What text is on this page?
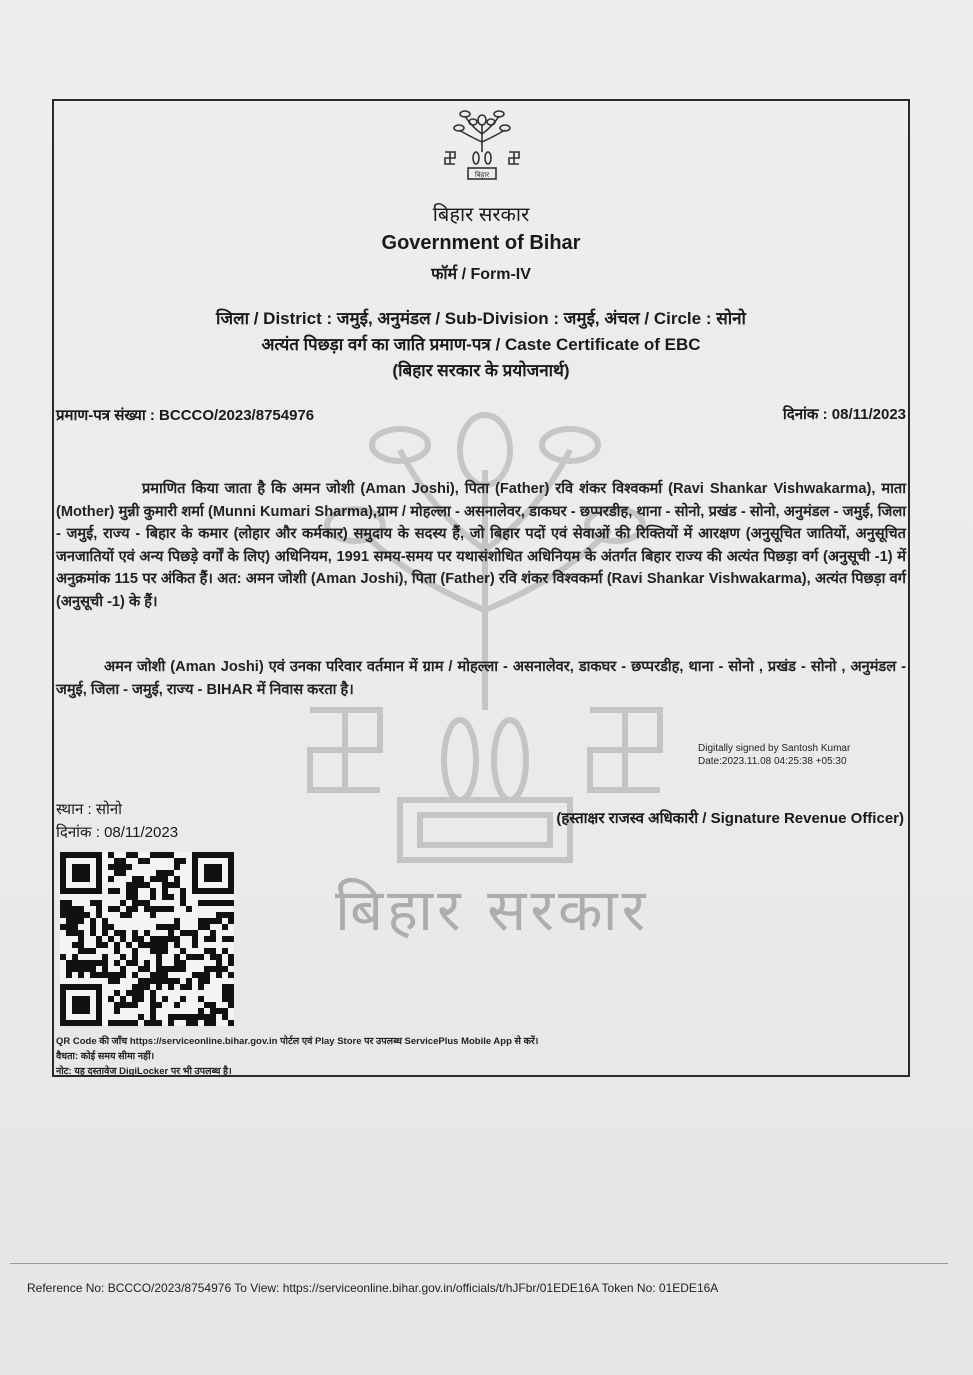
बिहार
बिहार सरकार
बिहार सरकार
Government of Bihar
फॉर्म / Form-IV
जिला / District : जमुई, अनुमंडल / Sub-Division : जमुई, अंचल / Circle : सोनो
अत्यंत पिछड़ा वर्ग का जाति प्रमाण-पत्र / Caste Certificate of EBC
(बिहार सरकार के प्रयोजनार्थ)
प्रमाण-पत्र संख्या : BCCCO/2023/8754976	दिनांक : 08/11/2023
प्रमाणित किया जाता है कि अमन जोशी (Aman Joshi), पिता (Father) रवि शंकर विश्वकर्मा (Ravi Shankar Vishwakarma), माता (Mother) मुन्नी कुमारी शर्मा (Munni Kumari Sharma),ग्राम / मोहल्ला - असनालेवर, डाकघर - छप्परडीह, थाना - सोनो, प्रखंड - सोनो, अनुमंडल - जमुई, जिला - जमुई, राज्य - बिहार के कमार (लोहार और कर्मकार) समुदाय के सदस्य हैं, जो बिहार पदों एवं सेवाओं की रिक्तियों में आरक्षण (अनुसूचित जातियों, अनुसूचित जनजातियों एवं अन्य पिछड़े वर्गों के लिए) अधिनियम, 1991 समय-समय पर यथासंशोधित अधिनियम के अंतर्गत बिहार राज्य की अत्यंत पिछड़ा वर्ग (अनुसूची -1) में अनुक्रमांक 115 पर अंकित हैं। अत: अमन जोशी (Aman Joshi), पिता (Father) रवि शंकर विश्वकर्मा (Ravi Shankar Vishwakarma), अत्यंत पिछड़ा वर्ग (अनुसूची -1) के हैं।
अमन जोशी (Aman Joshi) एवं उनका परिवार वर्तमान में ग्राम / मोहल्ला - असनालेवर, डाकघर - छप्परडीह, थाना - सोनो , प्रखंड - सोनो , अनुमंडल - जमुई, जिला - जमुई, राज्य - BIHAR में निवास करता है।
Digitally signed by Santosh Kumar
Date:2023.11.08 04:25:38 +05:30
स्थान : सोनो
दिनांक : 08/11/2023
(हस्ताक्षर राजस्व अधिकारी / Signature Revenue Officer)
QR Code की जाँच https://serviceonline.bihar.gov.in पोर्टल एवं Play Store पर उपलब्ध ServicePlus Mobile App से करें।
वैधता: कोई समय सीमा नहीं।
नोट: यह दस्तावेज DigiLocker पर भी उपलब्ध है।
Reference No: BCCCO/2023/8754976 To View: https://serviceonline.bihar.gov.in/officials/t/hJFbr/01EDE16A Token No: 01EDE16A
